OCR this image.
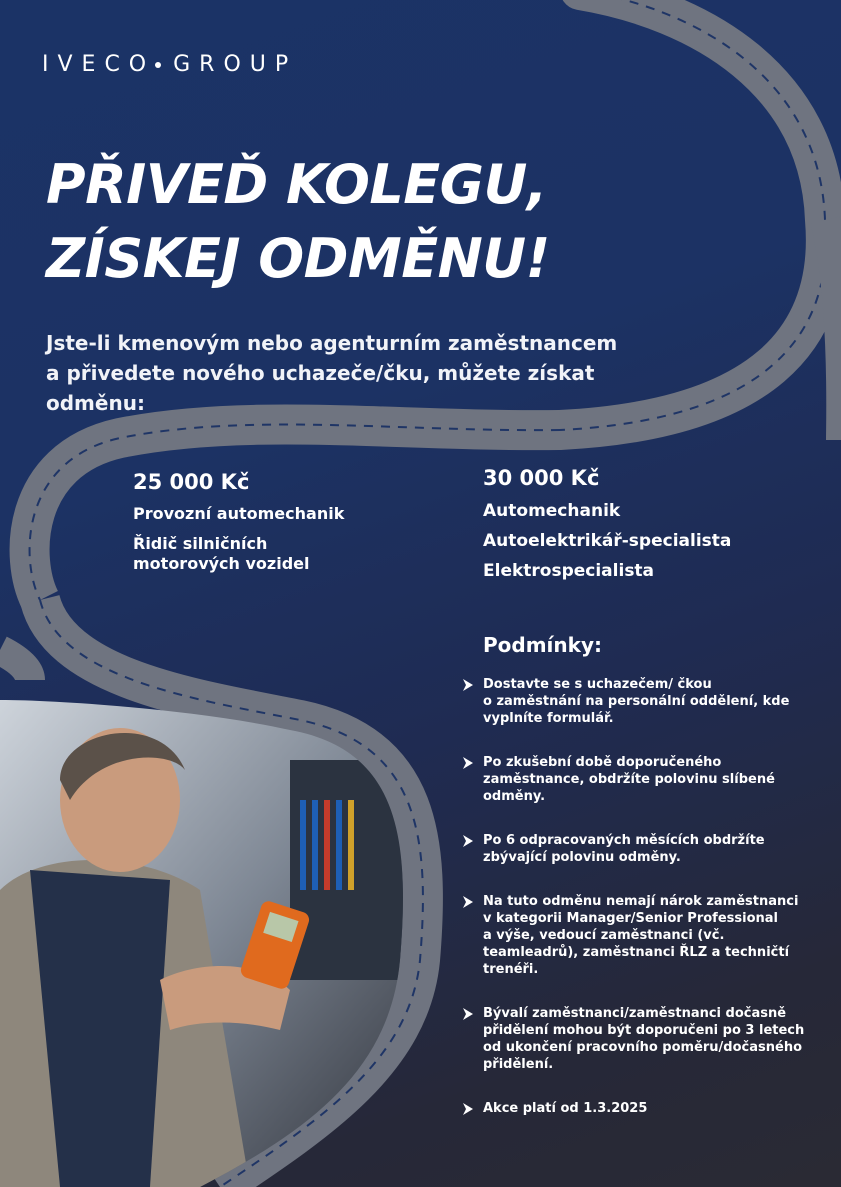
IVECO GROUP
PŘIVEĎ KOLEGU,
ZÍSKEJ ODMĚNU!
Jste-li kmenovým nebo agenturním zaměstnancem
a přivedete nového uchazeče/čku, můžete získat
odměnu:
25 000 Kč
Provozní automechanik
Řidič silničních
motorových vozidel
30 000 Kč
Automechanik
Autoelektrikář-specialista
Elektrospecialista
Podmínky:
Dostavte se s uchazečem/ čkou
o zaměstnání na personální oddělení, kde
vyplníte formulář.
Po zkušební době doporučeného
zaměstnance, obdržíte polovinu slíbené
odměny.
Po 6 odpracovaných měsících obdržíte
zbývající polovinu odměny.
Na tuto odměnu nemají nárok zaměstnanci
v kategorii Manager/Senior Professional
a výše, vedoucí zaměstnanci (vč.
teamleadrů), zaměstnanci ŘLZ a techničtí
trenéři.
Bývalí zaměstnanci/zaměstnanci dočasně
přidělení mohou být doporučeni po 3 letech
od ukončení pracovního poměru/dočasného
přidělení.
Akce platí od 1.3.2025
